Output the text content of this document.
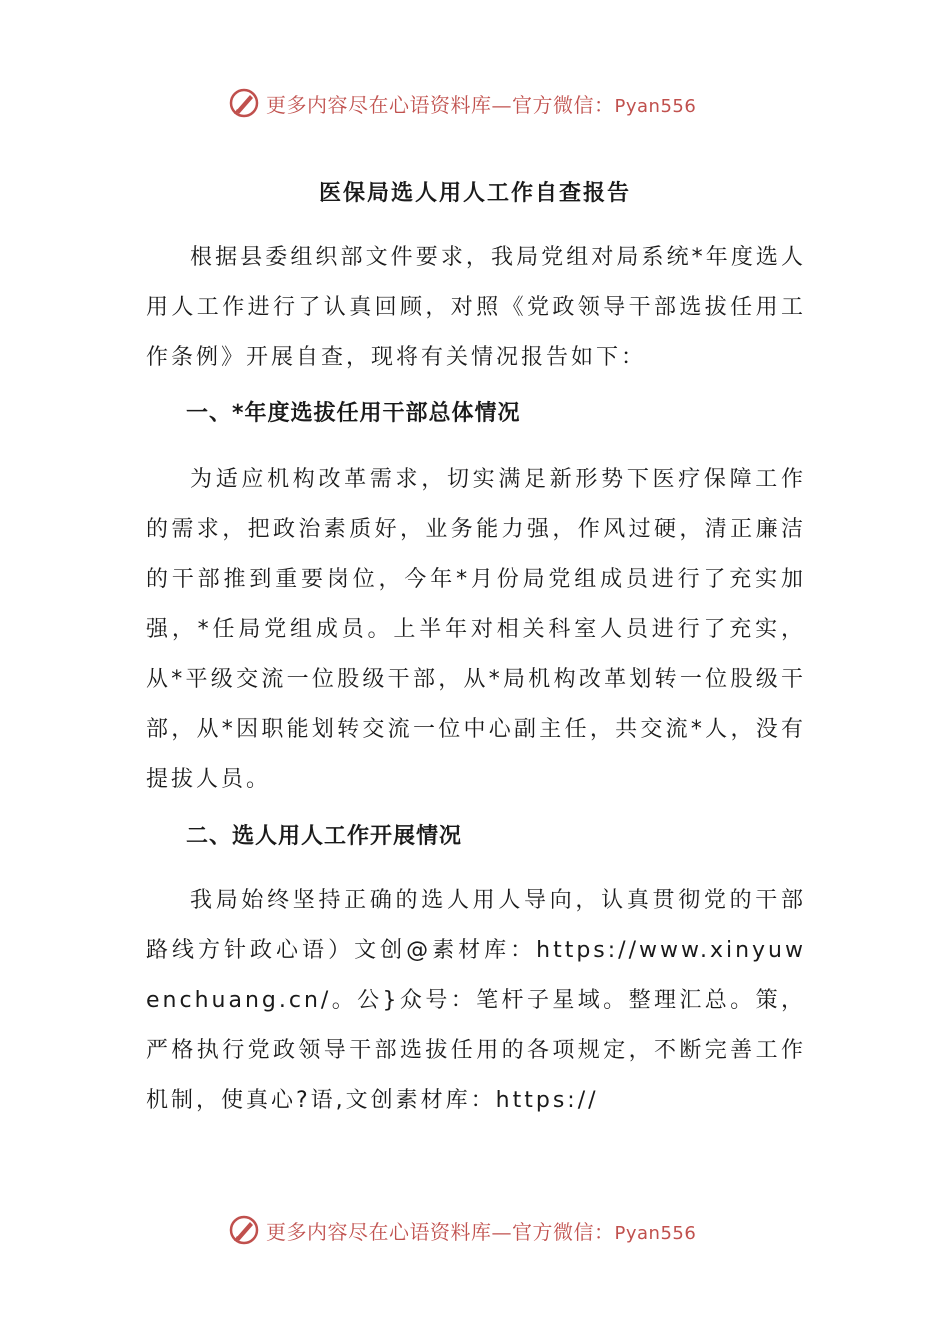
更多内容尽在心语资料库—官方微信：Pyan556
医保局选人用人工作自查报告

根据县委组织部文件要求，我局党组对局系统*年度选人用人工作进行了认真回顾，对照《党政领导干部选拔任用工作条例》开展自查，现将有关情况报告如下：

一、*年度选拔任用干部总体情况

为适应机构改革需求，切实满足新形势下医疗保障工作的需求，把政治素质好，业务能力强，作风过硬，清正廉洁的干部推到重要岗位，今年*月份局党组成员进行了充实加强，*任局党组成员。上半年对相关科室人员进行了充实，从*平级交流一位股级干部，从*局机构改革划转一位股级干部，从*因职能划转交流一位中心副主任，共交流*人，没有提拔人员。

二、选人用人工作开展情况

我局始终坚持正确的选人用人导向，认真贯彻党的干部路线方针政心语）文创@素材库：https://www.xinyuwenchuang.cn/。公}众号：笔杆子星域。整理汇总。策，严格执行党政领导干部选拔任用的各项规定，不断完善工作机制，使真心?语,文创素材库：https://

更多内容尽在心语资料库—官方微信：Pyan556
